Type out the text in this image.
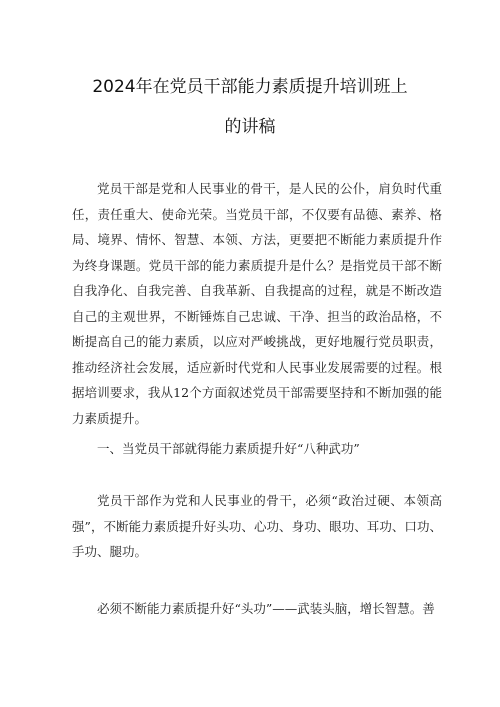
2024年在党员干部能力素质提升培训班上
的讲稿
党员干部是党和人民事业的骨干，是人民的公仆，肩负时代重任，责任重大、使命光荣。当党员干部，不仅要有品德、素养、格局、境界、情怀、智慧、本领、方法，更要把不断能力素质提升作为终身课题。党员干部的能力素质提升是什么？是指党员干部不断自我净化、自我完善、自我革新、自我提高的过程，就是不断改造自己的主观世界，不断锤炼自己忠诚、干净、担当的政治品格，不断提高自己的能力素质，以应对严峻挑战，更好地履行党员职责，推动经济社会发展，适应新时代党和人民事业发展需要的过程。根据培训要求，我从12个方面叙述党员干部需要坚持和不断加强的能力素质提升。
一、当党员干部就得能力素质提升好“八种武功”
党员干部作为党和人民事业的骨干，必须“政治过硬、本领高强”，不断能力素质提升好头功、心功、身功、眼功、耳功、口功、手功、腿功。
必须不断能力素质提升好“头功”——武装头脑，增长智慧。善
